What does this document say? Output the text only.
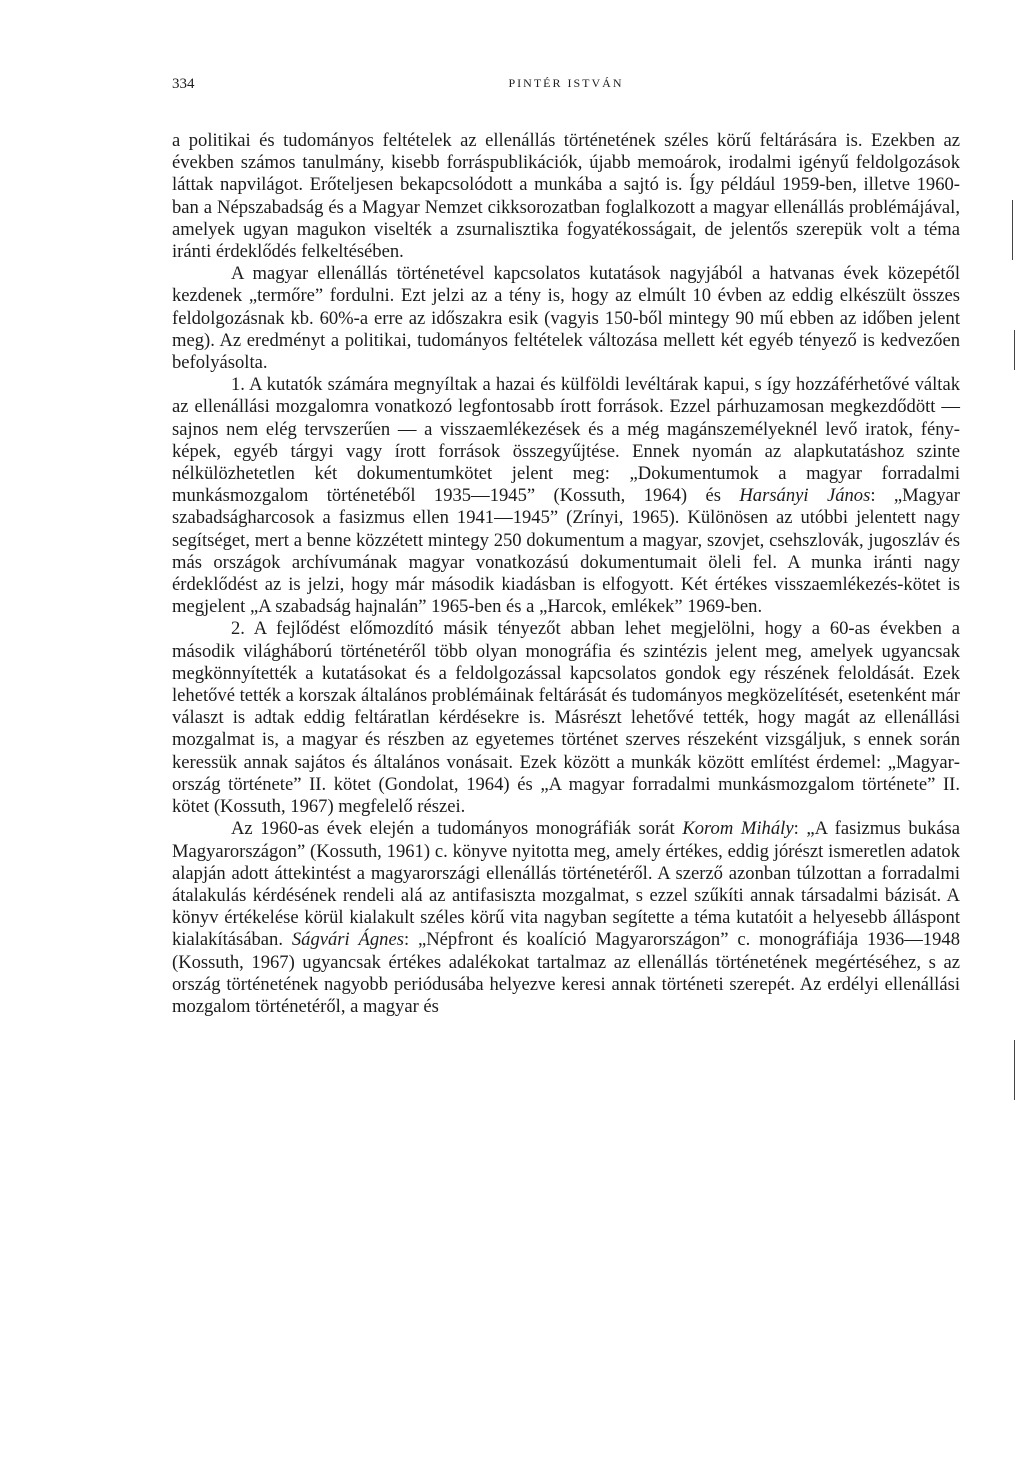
334	PINTÉR ISTVÁN

a politikai és tudományos feltételek az ellenállás történetének széles körű feltárására is. Ezekben az években számos tanulmány, kisebb forráspublikációk, újabb memoárok, irodalmi igényű feldolgozások láttak napvilágot. Erőteljesen bekapcsolódott a munkába a sajtó is. Így például 1959-ben, illetve 1960-ban a Népszabadság és a Magyar Nemzet cikksorozatban foglalkozott a magyar ellenállás problémájával, amelyek ugyan magukon viselték a zsurnalisztika fogyatékosságait, de jelentős szerepük volt a téma iránti érdeklődés felkeltésében.

A magyar ellenállás történetével kapcsolatos kutatások nagyjából a hatvanas évek közepétől kezdenek „termőre” fordulni. Ezt jelzi az a tény is, hogy az elmúlt 10 évben az eddig elkészült összes feldolgozásnak kb. 60%-a erre az időszakra esik (vagyis 150-ből mintegy 90 mű ebben az időben jelent meg). Az eredményt a politikai, tudományos feltételek változása mellett két egyéb tényező is kedvezően befolyásolta.

1. A kutatók számára megnyíltak a hazai és külföldi levéltárak kapui, s így hozzáférhetővé váltak az ellenállási mozgalomra vonatkozó legfontosabb írott források. Ezzel párhuzamosan megkezdődött — sajnos nem elég tervszerűen — a visszaemlékezések és a még magánszemélyeknél levő iratok, fényképek, egyéb tárgyi vagy írott források összegyűjtése. Ennek nyomán az alapkutatáshoz szinte nélkülözhetetlen két dokumentumkötet jelent meg: „Dokumentumok a magyar forradalmi munkásmozgalom történetéből 1935—1945” (Kossuth, 1964) és Harsányi János: „Magyar szabadságharcosok a fasizmus ellen 1941—1945” (Zrínyi, 1965). Különösen az utóbbi jelentett nagy segítséget, mert a benne közzétett mintegy 250 dokumentum a magyar, szovjet, csehszlovák, jugoszláv és más országok archívumának magyar vonatkozású dokumentumait öleli fel. A munka iránti nagy érdeklődést az is jelzi, hogy már második kiadásban is elfogyott. Két értékes visszaemlékezés-kötet is megjelent „A szabadság hajnalán” 1965-ben és a „Harcok, emlékek” 1969-ben.

2. A fejlődést előmozdító másik tényezőt abban lehet megjelölni, hogy a 60-as években a második világháború történetéről több olyan monográfia és szintézis jelent meg, amelyek ugyancsak megkönnyítették a kutatásokat és a feldolgozással kapcsolatos gondok egy részének feloldását. Ezek lehetővé tették a korszak általános problémáinak feltárását és tudományos megközelítését, esetenként már választ is adtak eddig feltáratlan kérdésekre is. Másrészt lehetővé tették, hogy magát az ellenállási mozgalmat is, a magyar és részben az egyetemes történet szerves részeként vizsgáljuk, s ennek során keressük annak sajátos és általános vonásait. Ezek között a munkák között említést érdemel: „Magyarország története” II. kötet (Gondolat, 1964) és „A magyar forradalmi munkásmozgalom története” II. kötet (Kossuth, 1967) megfelelő részei.

Az 1960-as évek elején a tudományos monográfiák sorát Korom Mihály: „A fasizmus bukása Magyarországon” (Kossuth, 1961) c. könyve nyitotta meg, amely értékes, eddig jórészt ismeretlen adatok alapján adott áttekintést a magyarországi ellenállás történetéről. A szerző azonban túlzottan a forradalmi átalakulás kérdésének rendeli alá az antifasiszta mozgalmat, s ezzel szűkíti annak társadalmi bázisát. A könyv értékelése körül kialakult széles körű vita nagyban segítette a téma kutatóit a helyesebb álláspont kialakításában. Ságvári Ágnes: „Népfront és koalíció Magyarországon” c. monográfiája 1936—1948 (Kossuth, 1967) ugyancsak értékes adalékokat tartalmaz az ellenállás történetének megértéséhez, s az ország történetének nagyobb periódusába helyezve keresi annak történeti szerepét. Az erdélyi ellenállási mozgalom történetéről, a magyar és
